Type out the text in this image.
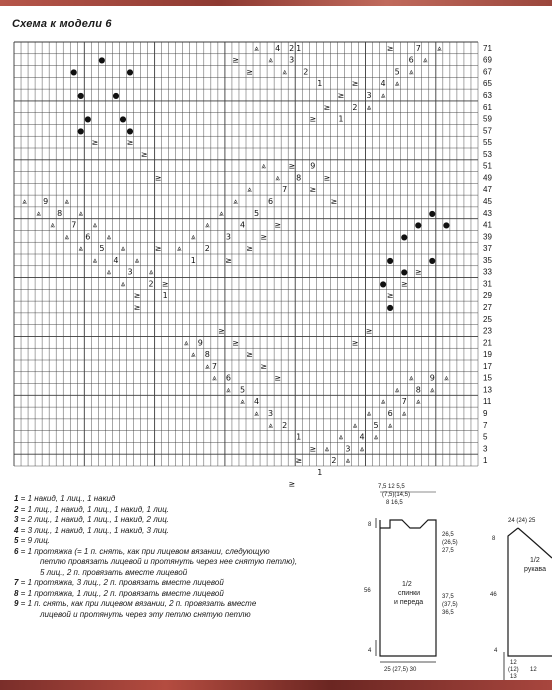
Схема к модели 6
4
⩓	2 1	7 ⩓
≥
3
⩓
≥	6 ⩓
●
2
⩓
≥	5 ⩓
●	●
1	≥	4 ⩓
≥	3 ⩓
●	●
2 ⩓
≥
1
≥
●	●
●
●
≥
≥
≥
9
⩓	≥
8
⩓	≥
≥
7
⩓	≥
6
⩓	≥
⩓ 9 ⩓
5
⩓
⩓ 8 ⩓	●
4
⩓	≥
⩓ 7 ⩓	●	●
3
⩓	≥
6
⩓	⩓	●
2
⩓	≥
5
⩓	⩓	≥
1	≥
4
⩓	⩓	●	●
3
⩓	⩓	● ≥
2
⩓	≥	● ≥
1
≥	≥
≥	●
≥	≥
9
⩓	≥	≥
8
⩓	≥
7
⩓	≥
6
⩓	≥	⩓
9
⩓
5
⩓	8
⩓	⩓
4
⩓	7
⩓	⩓
3
⩓	6
⩓	⩓
2
⩓	5
⩓	⩓
1	4
⩓	⩓
3
⩓	⩓
≥
2 ⩓
≥
1
≥
1
3
5
7
9
11
13
15
17
19
21
23
25
27
29
31
33
35
37
39
41
43
45
47
49
51
53
55
57
59
61
63
65
67
69
71
1 = 1 накид, 1 лиц., 1 накид
2 = 1 лиц., 1 накид, 1 лиц., 1 накид, 1 лиц.
3 = 2 лиц., 1 накид, 1 лиц., 1 накид, 2 лиц.
4 = 3 лиц., 1 накид, 1 лиц., 1 накид, 3 лиц.
5 = 9 лиц.
6 = 1 протяжка (= 1 п. снять, как при лицевом вязании, следующую
петлю провязать лицевой и протянуть через нее снятую петлю),
5 лиц., 2 п. провязать вместе лицевой
7 = 1 протяжка, 3 лиц., 2 п. провязать вместе лицевой
8 = 1 протяжка, 1 лиц., 2 п. провязать вместе лицевой
9 = 1 п. снять, как при лицевом вязании, 2 п. провязать вместе
лицевой и протянуть через эту петлю снятую петлю
7,5 12 5,5
(7,5)(14,5)
8 16,5
8
26,5
(26,5)
27,5
56
1/2
спинки
и переда
37,5
(37,5)
36,5
4
25 (27,5) 30
24 (24) 25
8
1/2
рукава
46
4
12
(12)
13
12
